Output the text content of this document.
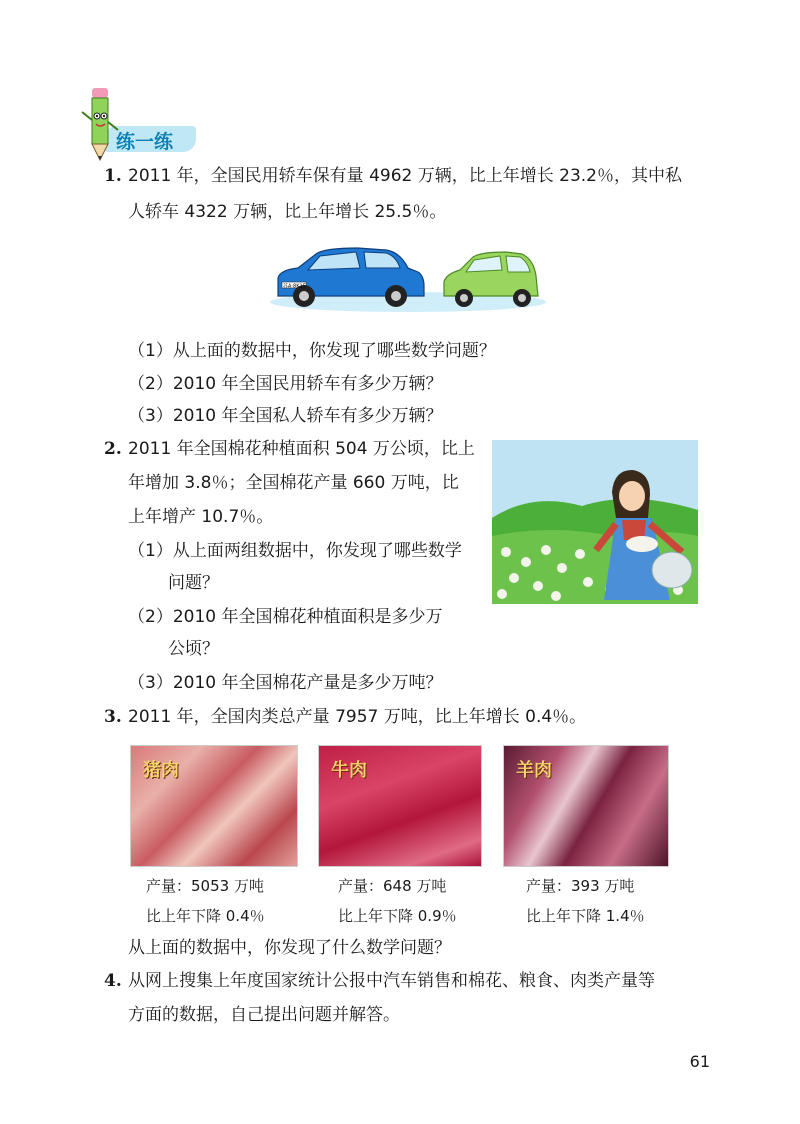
练一练
1. 2011 年，全国民用轿车保有量 4962 万辆，比上年增长 23.2％，其中私
人轿车 4322 万辆，比上年增长 25.5％。
苏A·8K15
（1）从上面的数据中，你发现了哪些数学问题？
（2）2010 年全国民用轿车有多少万辆？
（3）2010 年全国私人轿车有多少万辆？
2. 2011 年全国棉花种植面积 504 万公顷，比上
年增加 3.8％；全国棉花产量 660 万吨，比
上年增产 10.7％。
（1）从上面两组数据中，你发现了哪些数学
问题？
（2）2010 年全国棉花种植面积是多少万
公顷？
（3）2010 年全国棉花产量是多少万吨？
3. 2011 年，全国肉类总产量 7957 万吨，比上年增长 0.4％。
猪肉	牛肉	羊肉
产量：5053 万吨
比上年下降 0.4％
产量：648 万吨
比上年下降 0.9％
产量：393 万吨
比上年下降 1.4％
从上面的数据中，你发现了什么数学问题？
4. 从网上搜集上年度国家统计公报中汽车销售和棉花、粮食、肉类产量等
方面的数据，自己提出问题并解答。
61
